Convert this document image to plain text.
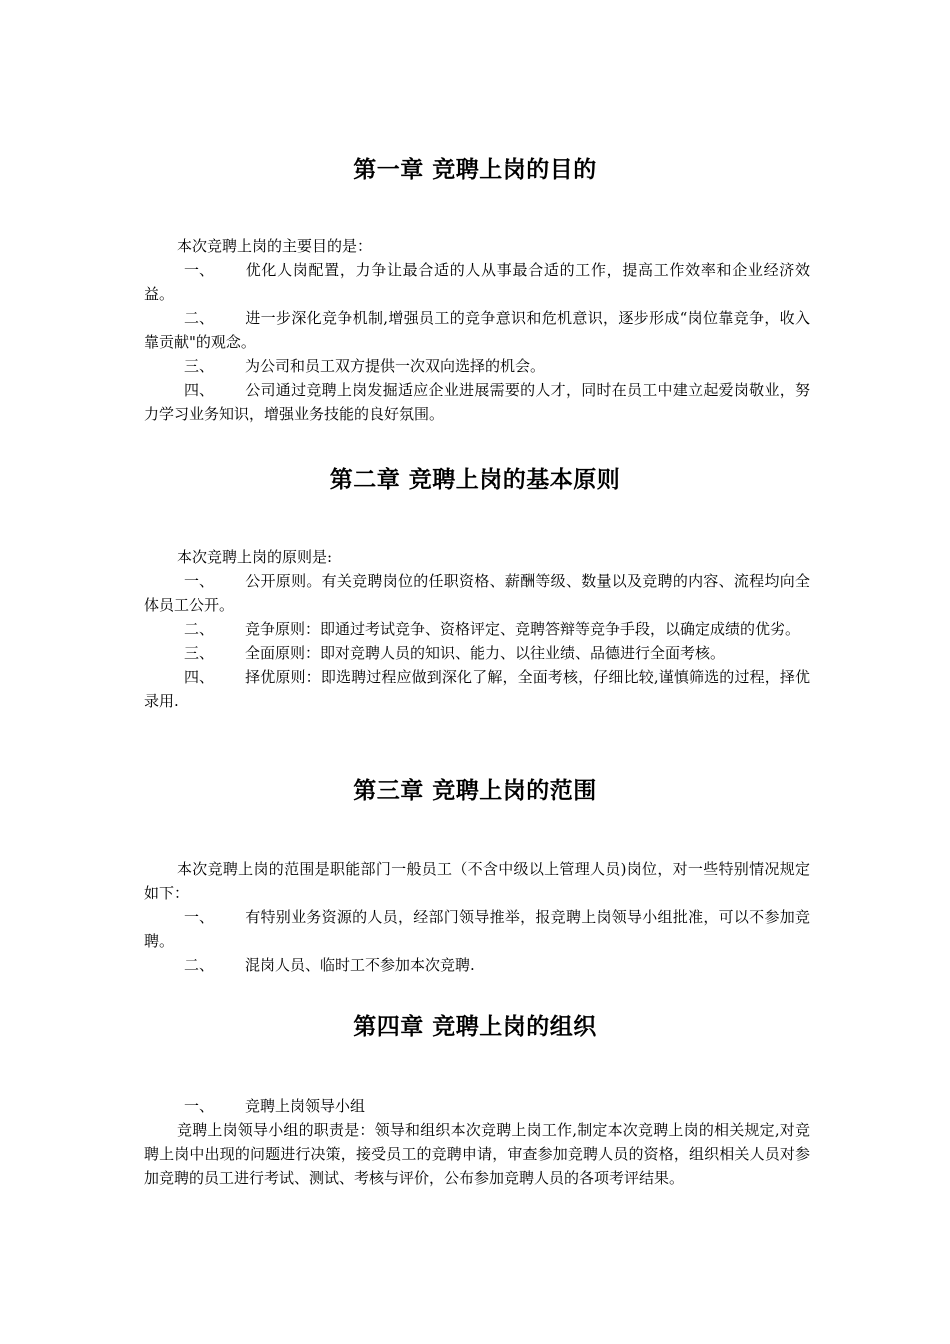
第一章 竞聘上岗的目的

本次竞聘上岗的主要目的是：

一、 优化人岗配置，力争让最合适的人从事最合适的工作，提高工作效率和企业经济效益。

二、 进一步深化竞争机制,增强员工的竞争意识和危机意识，逐步形成“岗位靠竞争，收入靠贡献"的观念。

三、 为公司和员工双方提供一次双向选择的机会。

四、 公司通过竞聘上岗发掘适应企业进展需要的人才，同时在员工中建立起爱岗敬业，努力学习业务知识，增强业务技能的良好氛围。

第二章 竞聘上岗的基本原则

本次竞聘上岗的原则是:

一、 公开原则。有关竞聘岗位的任职资格、薪酬等级、数量以及竞聘的内容、流程均向全体员工公开。

二、 竞争原则：即通过考试竞争、资格评定、竞聘答辩等竞争手段，以确定成绩的优劣。

三、 全面原则：即对竞聘人员的知识、能力、以往业绩、品德进行全面考核。

四、 择优原则：即选聘过程应做到深化了解，全面考核，仔细比较,谨慎筛选的过程，择优录用.

第三章 竞聘上岗的范围

本次竞聘上岗的范围是职能部门一般员工（不含中级以上管理人员)岗位，对一些特别情况规定如下：

一、 有特别业务资源的人员，经部门领导推举，报竞聘上岗领导小组批准，可以不参加竞聘。

二、 混岗人员、临时工不参加本次竞聘.

第四章 竞聘上岗的组织

一、 竞聘上岗领导小组

竞聘上岗领导小组的职责是：领导和组织本次竞聘上岗工作,制定本次竞聘上岗的相关规定,对竞聘上岗中出现的问题进行决策，接受员工的竞聘申请，审查参加竞聘人员的资格，组织相关人员对参加竞聘的员工进行考试、测试、考核与评价，公布参加竞聘人员的各项考评结果。
